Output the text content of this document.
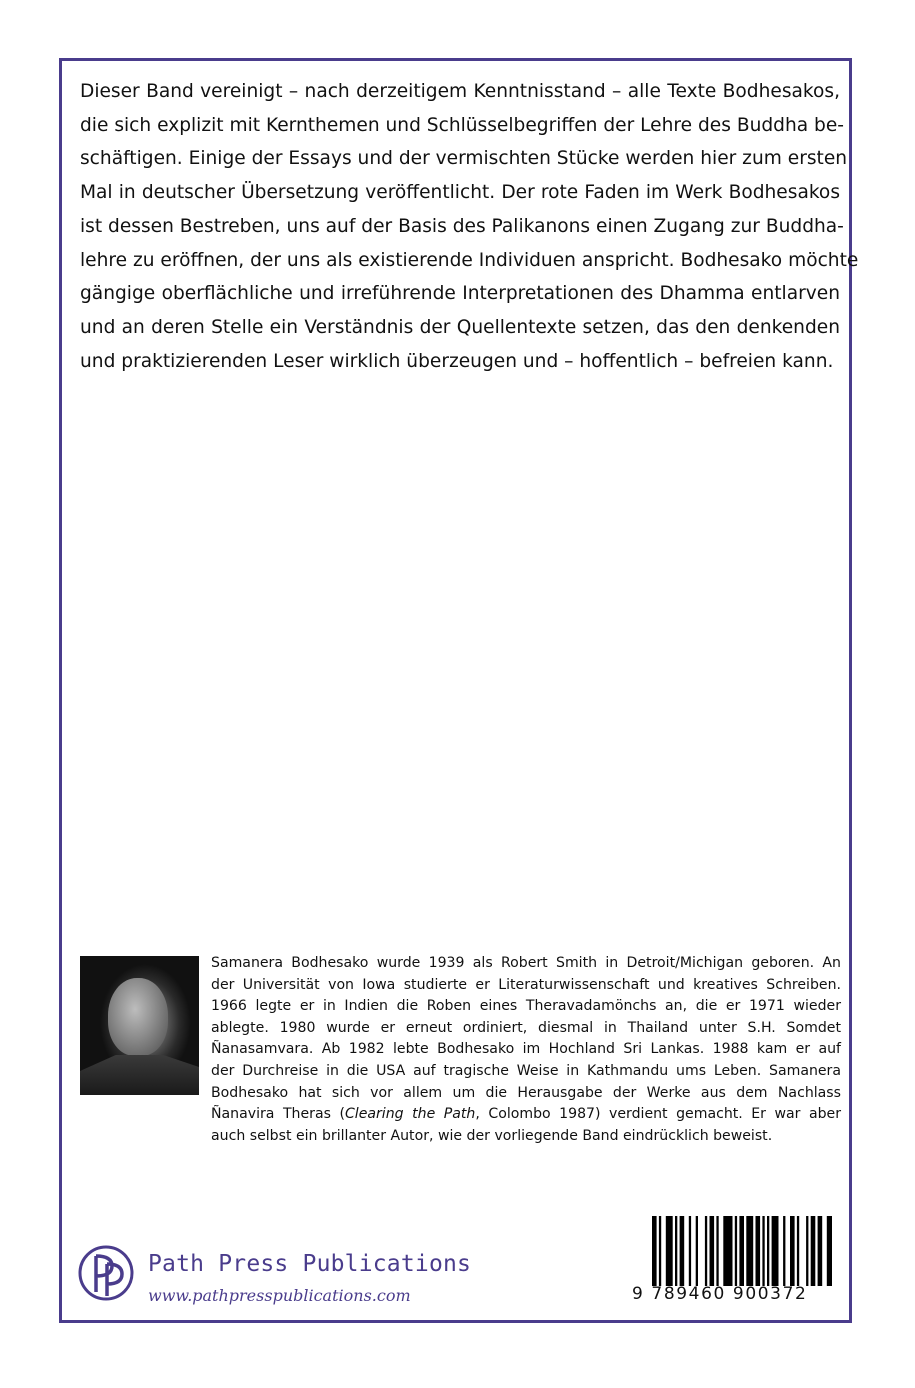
Dieser Band vereinigt – nach derzeitigem Kenntnisstand – alle Texte Bodhesakos,
die sich explizit mit Kernthemen und Schlüsselbegriffen der Lehre des Buddha be-
schäftigen. Einige der Essays und der vermischten Stücke werden hier zum ersten
Mal in deutscher Übersetzung veröffentlicht. Der rote Faden im Werk Bodhesakos
ist dessen Bestreben, uns auf der Basis des Palikanons einen Zugang zur Buddha-
lehre zu eröffnen, der uns als existierende Individuen anspricht. Bodhesako möchte
gängige oberflächliche und irreführende Interpretationen des Dhamma entlarven
und an deren Stelle ein Verständnis der Quellentexte setzen, das den denkenden
und praktizierenden Leser wirklich überzeugen und – hoffentlich – befreien kann.
Samanera Bodhesako wurde 1939 als Robert Smith in Detroit/Michigan geboren. An
der Universität von Iowa studierte er Literaturwissenschaft und kreatives Schreiben.
1966 legte er in Indien die Roben eines Theravadamönchs an, die er 1971 wieder
ablegte. 1980 wurde er erneut ordiniert, diesmal in Thailand unter S.H. Somdet
Ñanasamvara. Ab 1982 lebte Bodhesako im Hochland Sri Lankas. 1988 kam er auf
der Durchreise in die USA auf tragische Weise in Kathmandu ums Leben. Samanera
Bodhesako hat sich vor allem um die Herausgabe der Werke aus dem Nachlass
Ñanavira Theras (Clearing the Path, Colombo 1987) verdient gemacht. Er war aber
auch selbst ein brillanter Autor, wie der vorliegende Band eindrücklich beweist.
Path Press Publications
www.pathpresspublications.com	9 789460 900372
